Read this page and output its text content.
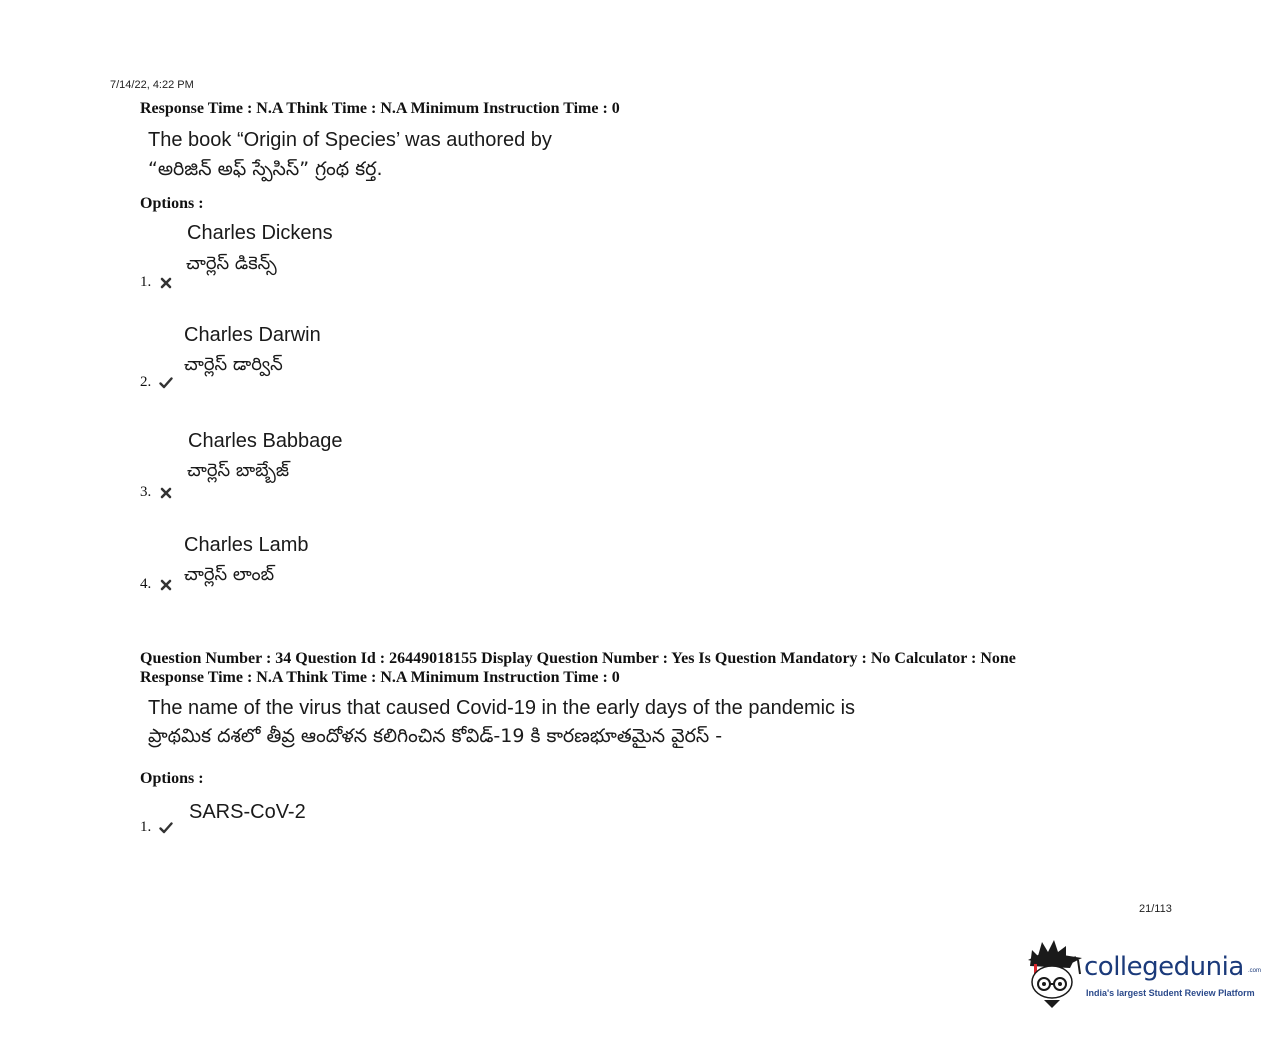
7/14/22, 4:22 PM
Response Time : N.A Think Time : N.A Minimum Instruction Time : 0
The book “Origin of Species’ was authored by
“అరిజిన్ అఫ్ స్పేసిస్” గ్రంథ కర్త.
Options :
Charles Dickens
చార్లెస్ డికెన్స్
1.
Charles Darwin
చార్లెస్ డార్విన్
2.
Charles Babbage
చార్లెస్ బాబ్బేజ్
3.
Charles Lamb
చార్లెస్ లాంబ్
4.
Question Number : 34 Question Id : 26449018155 Display Question Number : Yes Is Question Mandatory : No Calculator : None
Response Time : N.A Think Time : N.A Minimum Instruction Time : 0
The name of the virus that caused Covid-19 in the early days of the pandemic is
ప్రాథమిక దశలో తీవ్ర ఆందోళన కలిగించిన కోవిడ్-19 కి కారణభూతమైన వైరస్ -
Options :
SARS-CoV-2
1.
21/113
collegedunia .com
India's largest Student Review Platform
